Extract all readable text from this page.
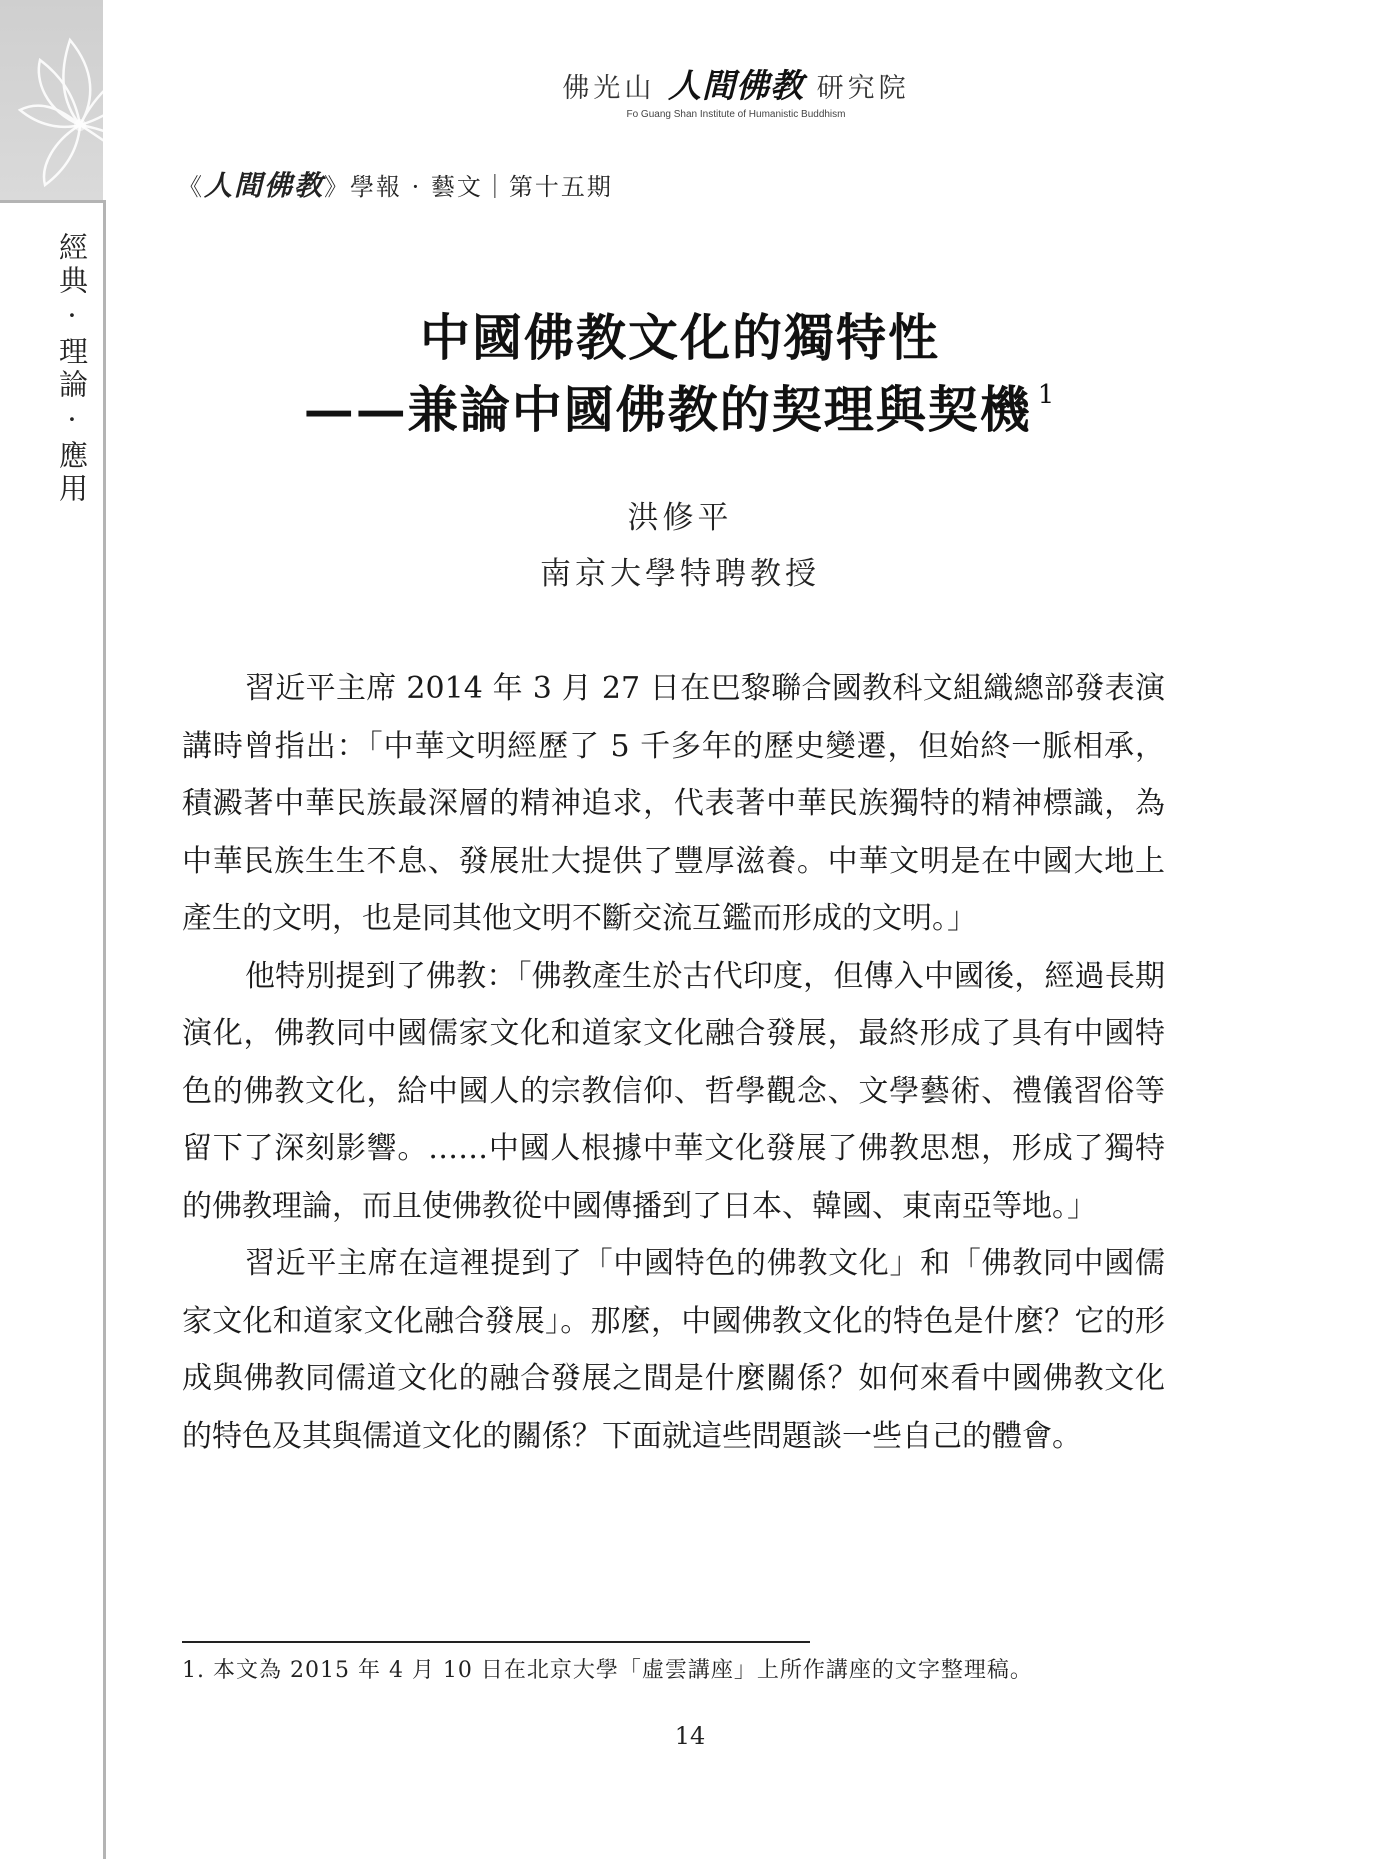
經典·理論·應用
佛光山 人間佛教 研究院
Fo Guang Shan Institute of Humanistic Buddhism
《人間佛教》學報 · 藝文｜第十五期
中國佛教文化的獨特性
——兼論中國佛教的契理與契機 $^1$
洪修平
南京大學特聘教授

習近平主席 2014 年 3 月 27 日在巴黎聯合國教科文組織總部發表演講時曾指出：「中華文明經歷了 5 千多年的歷史變遷，但始終一脈相承，積澱著中華民族最深層的精神追求，代表著中華民族獨特的精神標識，為中華民族生生不息、發展壯大提供了豐厚滋養。中華文明是在中國大地上產生的文明，也是同其他文明不斷交流互鑑而形成的文明。」

他特別提到了佛教：「佛教產生於古代印度，但傳入中國後，經過長期演化，佛教同中國儒家文化和道家文化融合發展，最終形成了具有中國特色的佛教文化，給中國人的宗教信仰、哲學觀念、文學藝術、禮儀習俗等留下了深刻影響。……中國人根據中華文化發展了佛教思想，形成了獨特的佛教理論，而且使佛教從中國傳播到了日本、韓國、東南亞等地。」

習近平主席在這裡提到了「中國特色的佛教文化」和「佛教同中國儒家文化和道家文化融合發展」。那麼，中國佛教文化的特色是什麼？它的形成與佛教同儒道文化的融合發展之間是什麼關係？如何來看中國佛教文化的特色及其與儒道文化的關係？下面就這些問題談一些自己的體會。

1. 本文為 2015 年 4 月 10 日在北京大學「虛雲講座」上所作講座的文字整理稿。
14
